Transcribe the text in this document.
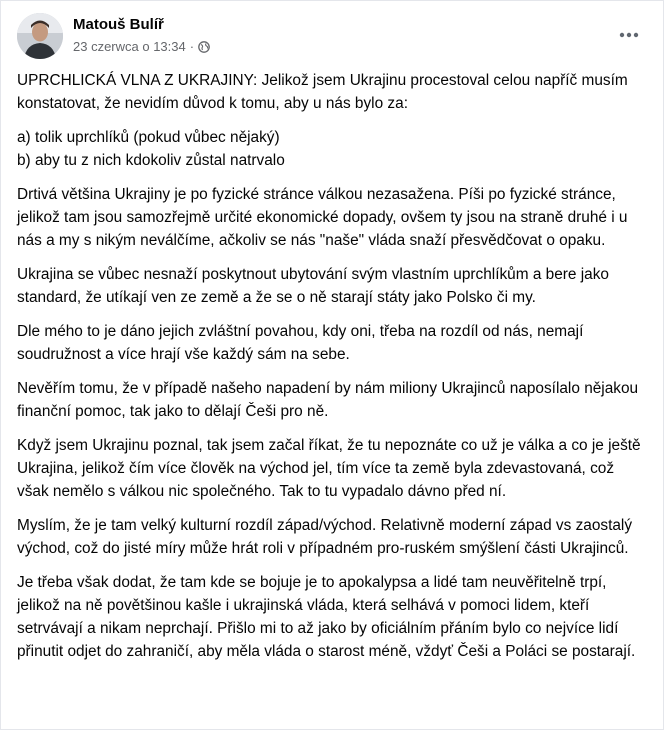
Matouš Bulíř
23 czerwca o 13:34 ·

UPRCHLICKÁ VLNA Z UKRAJINY: Jelikož jsem Ukrajinu procestoval celou napříč musím konstatovat, že nevidím důvod k tomu, aby u nás bylo za:

a) tolik uprchlíků (pokud vůbec nějaký)

b) aby tu z nich kdokoliv zůstal natrvalo

Drtivá většina Ukrajiny je po fyzické stránce válkou nezasažena. Píši po fyzické stránce, jelikož tam jsou samozřejmě určité ekonomické dopady, ovšem ty jsou na straně druhé i u nás a my s nikým neválčíme, ačkoliv se nás "naše" vláda snaží přesvědčovat o opaku.

Ukrajina se vůbec nesnaží poskytnout ubytování svým vlastním uprchlíkům a bere jako standard, že utíkají ven ze země a že se o ně starají státy jako Polsko či my.

Dle mého to je dáno jejich zvláštní povahou, kdy oni, třeba na rozdíl od nás, nemají soudružnost a více hrají vše každý sám na sebe.

Nevěřím tomu, že v případě našeho napadení by nám miliony Ukrajinců naposílalo nějakou finanční pomoc, tak jako to dělají Češi pro ně.

Když jsem Ukrajinu poznal, tak jsem začal říkat, že tu nepoznáte co už je válka a co je ještě Ukrajina, jelikož čím více člověk na východ jel, tím více ta země byla zdevastovaná, což však nemělo s válkou nic společného. Tak to tu vypadalo dávno před ní.

Myslím, že je tam velký kulturní rozdíl západ/východ. Relativně moderní západ vs zaostalý východ, což do jisté míry může hrát roli v případném pro-ruském smýšlení části Ukrajinců.

Je třeba však dodat, že tam kde se bojuje je to apokalypsa a lidé tam neuvěřitelně trpí, jelikož na ně povětšinou kašle i ukrajinská vláda, která selhává v pomoci lidem, kteří setrvávají a nikam neprchají. Přišlo mi to až jako by oficiálním přáním bylo co nejvíce lidí přinutit odjet do zahraničí, aby měla vláda o starost méně, vždyť Češi a Poláci se postarají.
